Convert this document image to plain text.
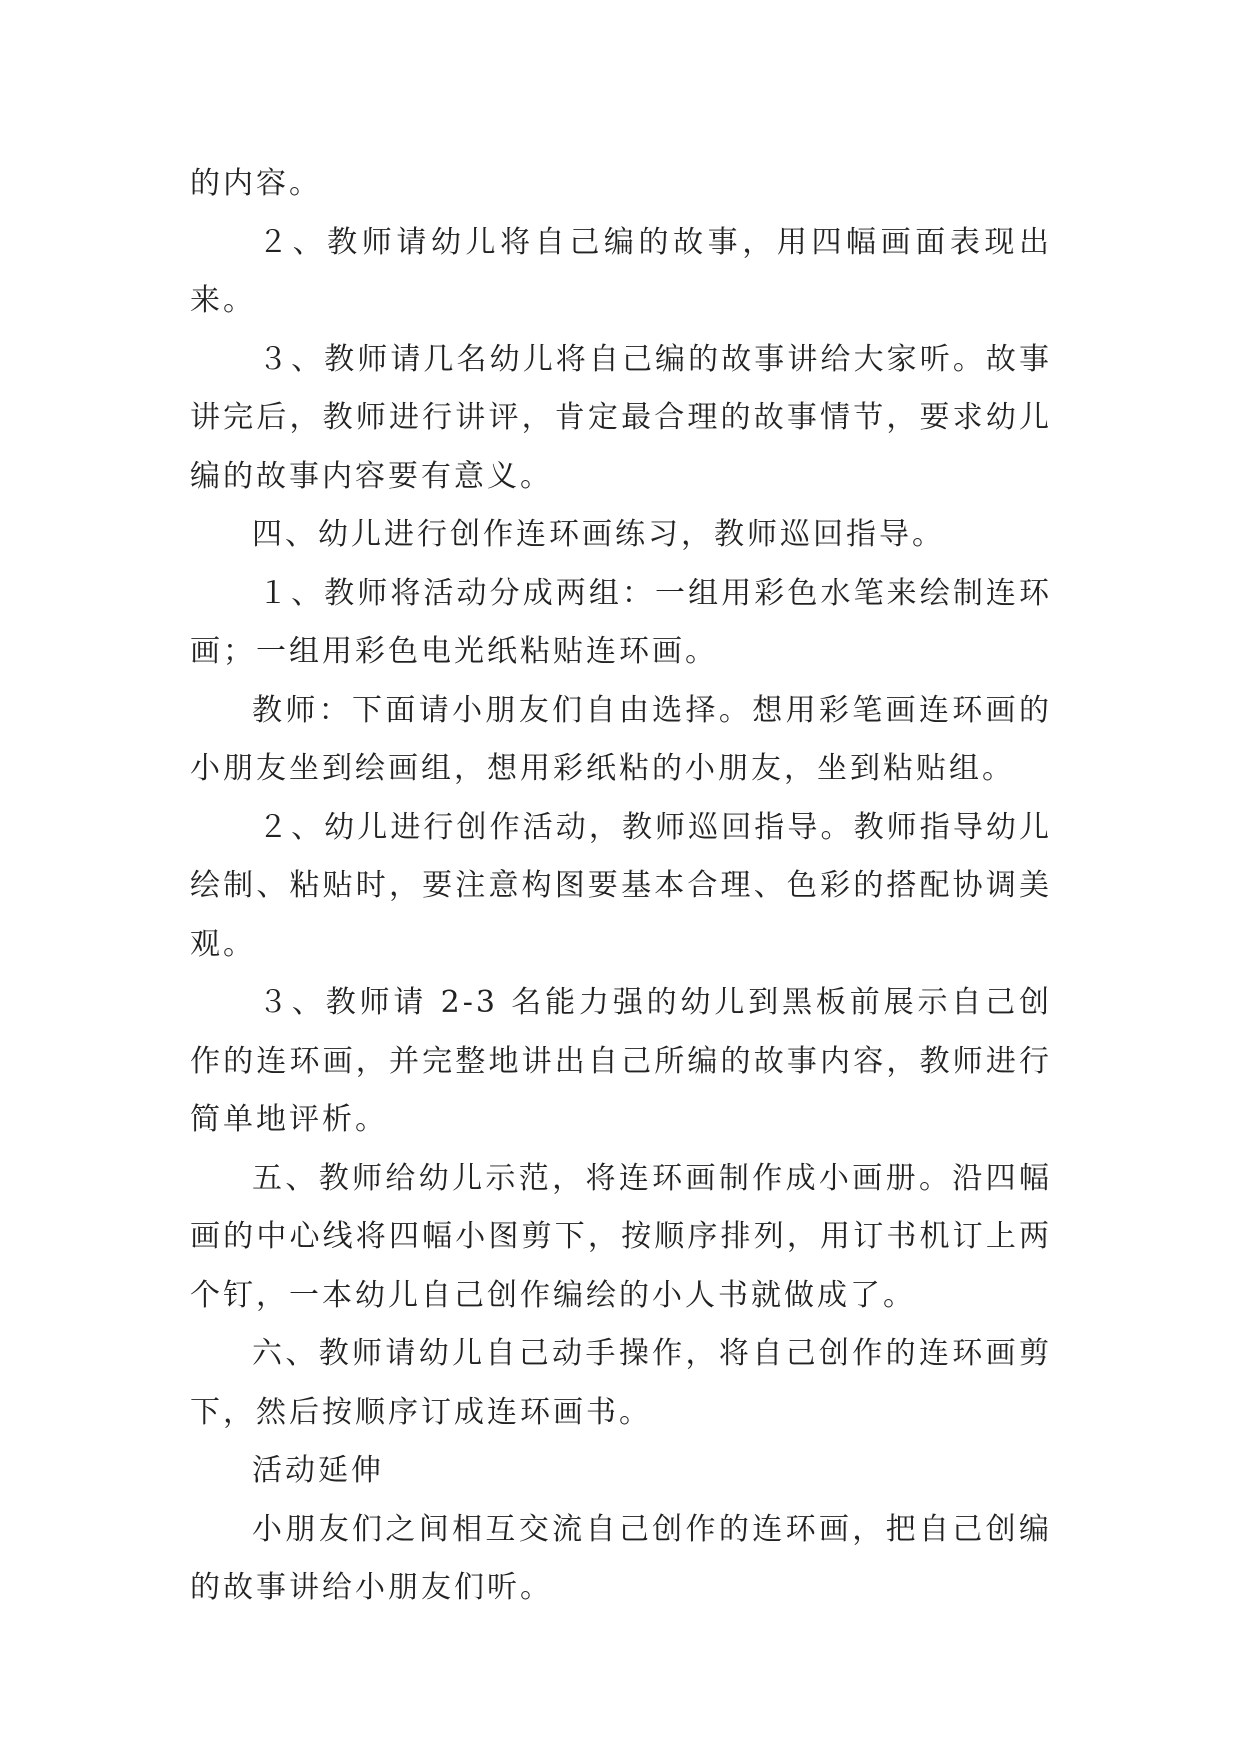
的内容。

２、教师请幼儿将自己编的故事，用四幅画面表现出来。

３、教师请几名幼儿将自己编的故事讲给大家听。故事讲完后，教师进行讲评，肯定最合理的故事情节，要求幼儿编的故事内容要有意义。

四、幼儿进行创作连环画练习，教师巡回指导。

１、教师将活动分成两组：一组用彩色水笔来绘制连环画；一组用彩色电光纸粘贴连环画。

教师：下面请小朋友们自由选择。想用彩笔画连环画的小朋友坐到绘画组，想用彩纸粘的小朋友，坐到粘贴组。

２、幼儿进行创作活动，教师巡回指导。教师指导幼儿绘制、粘贴时，要注意构图要基本合理、色彩的搭配协调美观。

３、教师请 2-3 名能力强的幼儿到黑板前展示自己创作的连环画，并完整地讲出自己所编的故事内容，教师进行简单地评析。

五、教师给幼儿示范，将连环画制作成小画册。沿四幅画的中心线将四幅小图剪下，按顺序排列，用订书机订上两个钉，一本幼儿自己创作编绘的小人书就做成了。

六、教师请幼儿自己动手操作，将自己创作的连环画剪下，然后按顺序订成连环画书。

活动延伸

小朋友们之间相互交流自己创作的连环画，把自己创编的故事讲给小朋友们听。
